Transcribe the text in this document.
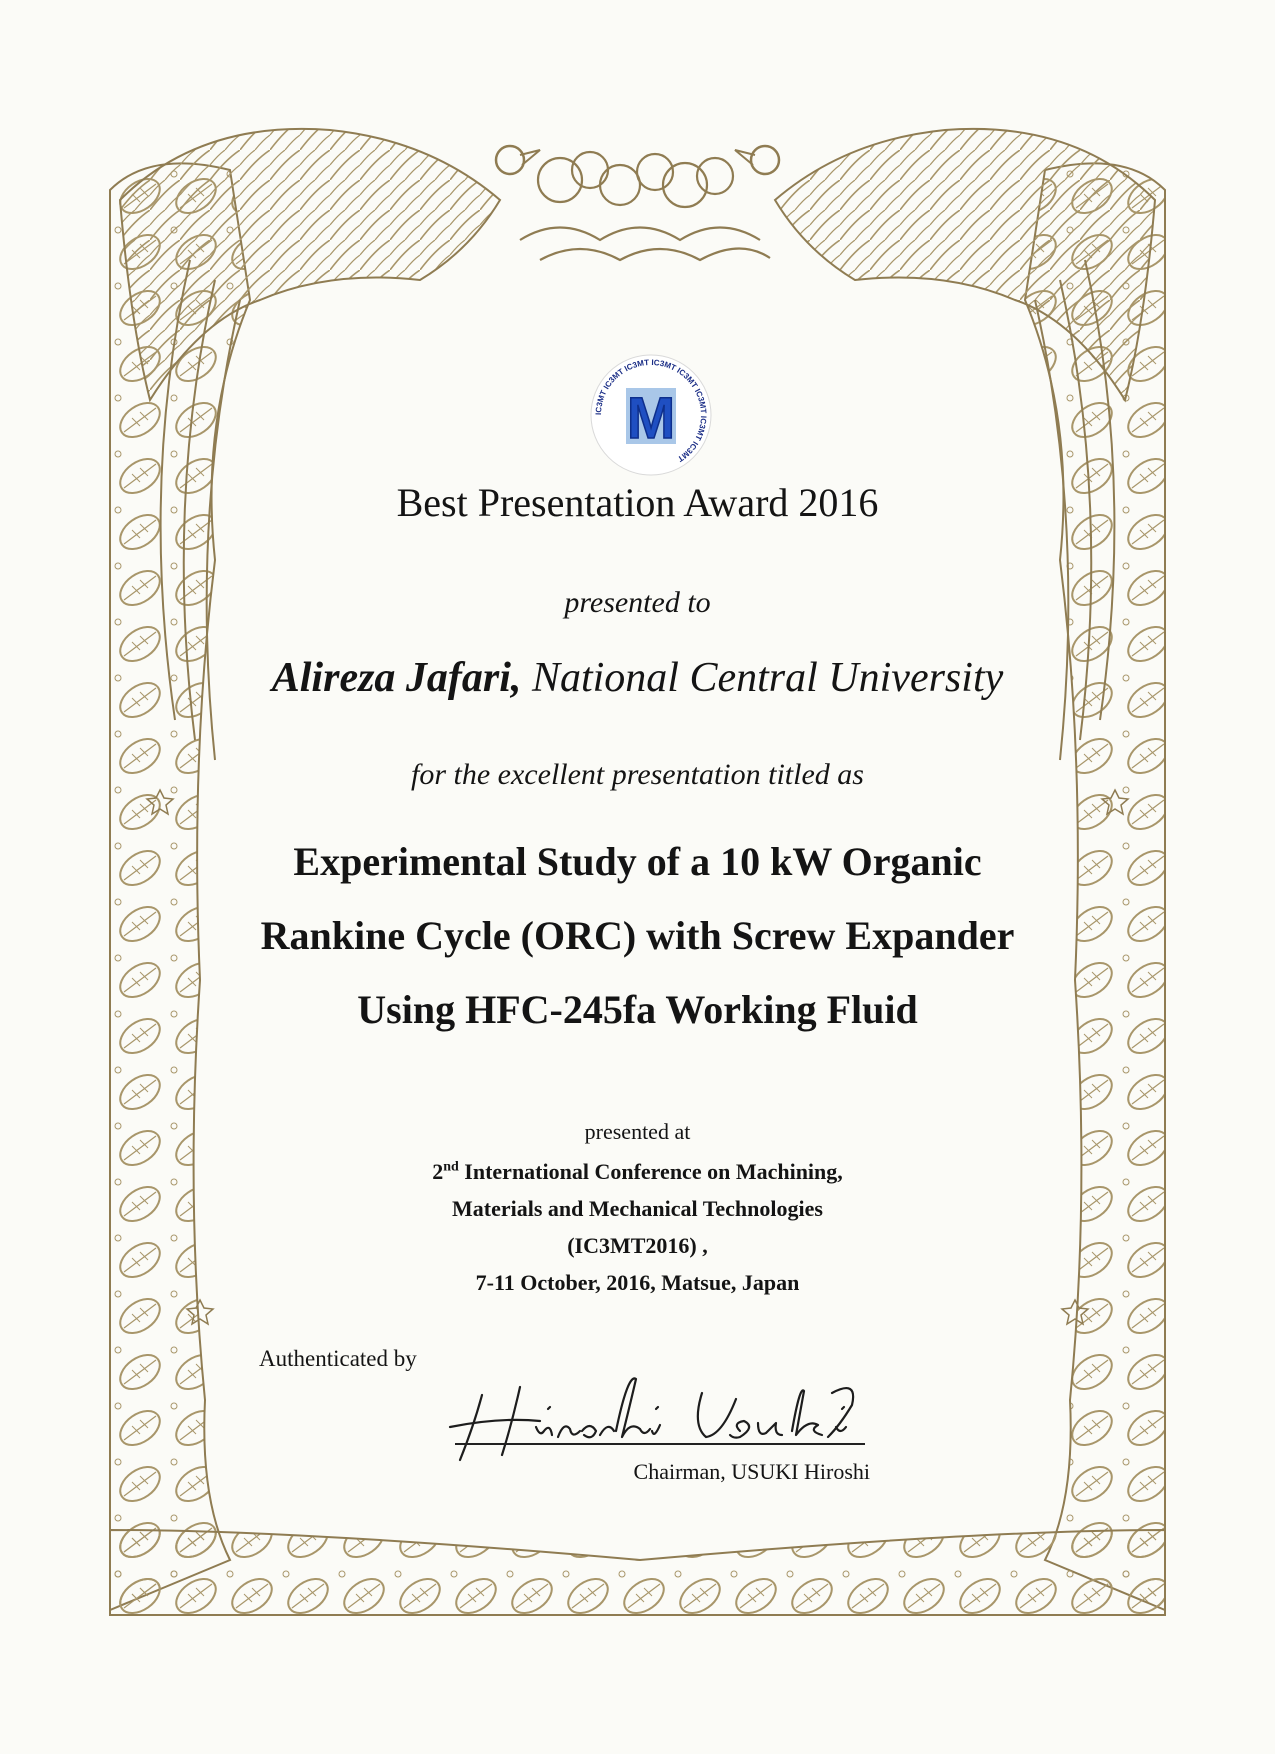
IC3MT IC3MT IC3MT IC3MT IC3MT IC3MT IC3MT IC3MT
M
Best Presentation Award 2016
presented to
Alireza Jafari, National Central University
for the excellent presentation titled as
Experimental Study of a 10 kW Organic
Rankine Cycle (ORC) with Screw Expander
Using HFC-245fa Working Fluid
presented at
2nd International Conference on Machining,
Materials and Mechanical Technologies
(IC3MT2016) ,
7-11 October, 2016, Matsue, Japan
Authenticated by
Chairman, USUKI Hiroshi
